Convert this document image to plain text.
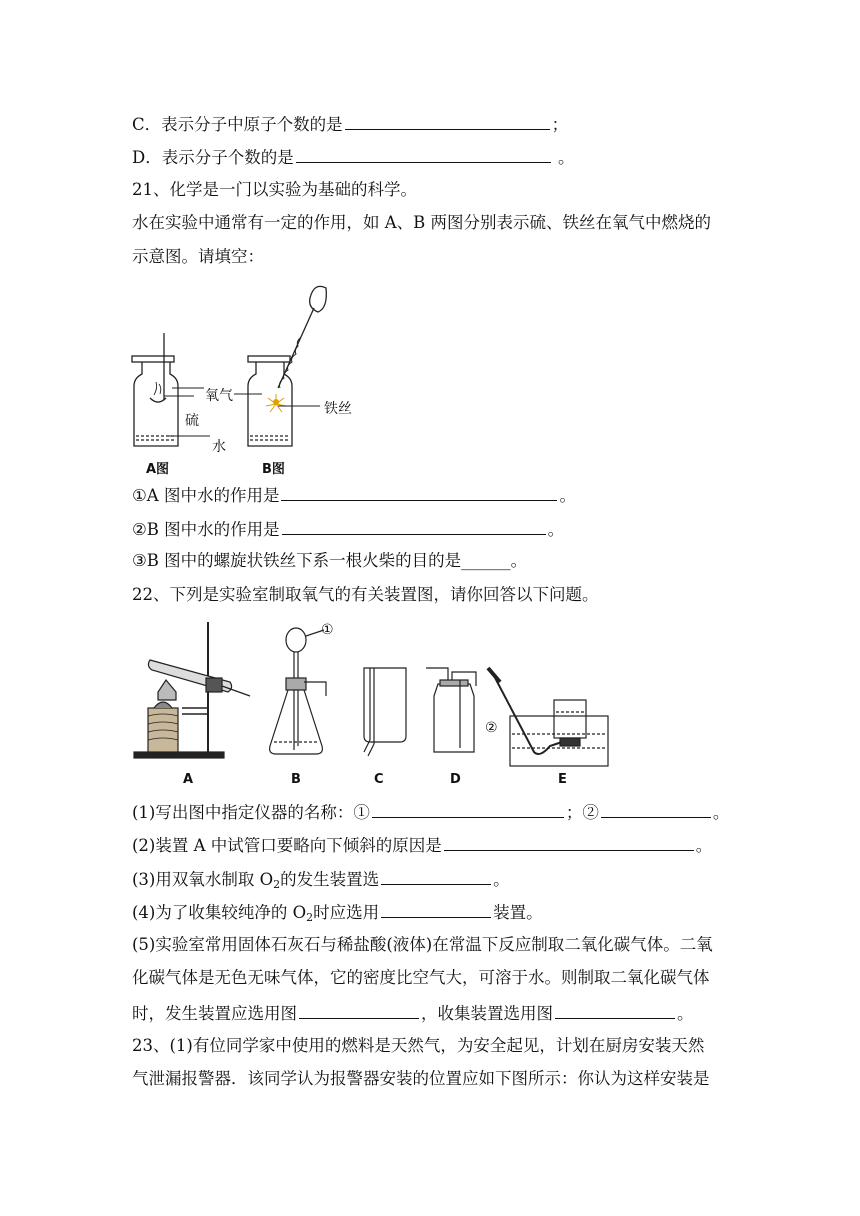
C．表示分子中原子个数的是	；
D．表示分子个数的是	。
21、化学是一门以实验为基础的科学。
水在实验中通常有一定的作用，如 A、B 两图分别表示硫、铁丝在氧气中燃烧的
示意图。请填空：
氧气
硫
水
铁丝
A图	B图
①A 图中水的作用是	。
②B 图中水的作用是	。
③B 图中的螺旋状铁丝下系一根火柴的目的是______。
22、下列是实验室制取氧气的有关装置图，请你回答以下问题。
①
②
A	B	C	D	E
(1)写出图中指定仪器的名称：①	；②	。
(2)装置 A 中试管口要略向下倾斜的原因是	。
(3)用双氧水制取 $O_2$的发生装置选	。
(4)为了收集较纯净的 $O_2$时应选用	装置。
(5)实验室常用固体石灰石与稀盐酸(液体)在常温下反应制取二氧化碳气体。二氧
化碳气体是无色无味气体，它的密度比空气大，可溶于水。则制取二氧化碳气体
时，发生装置应选用图	，收集装置选用图	。
23、(1)有位同学家中使用的燃料是天然气，为安全起见，计划在厨房安装天然
气泄漏报警器．该同学认为报警器安装的位置应如下图所示：你认为这样安装是
